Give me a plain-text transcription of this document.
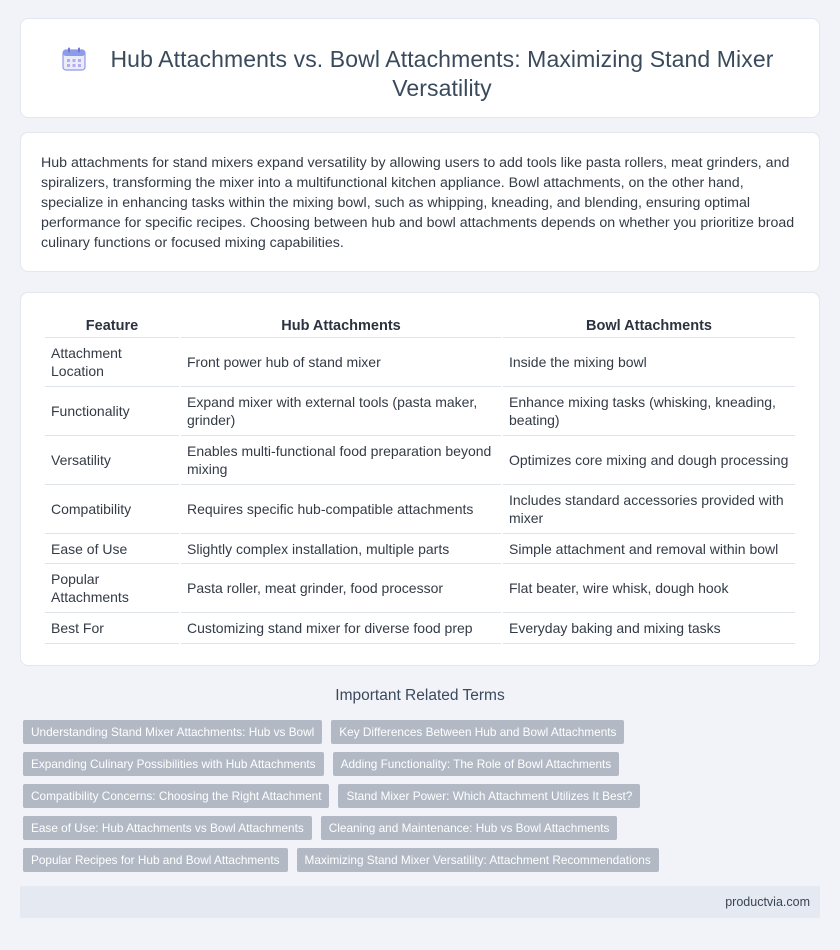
Hub Attachments vs. Bowl Attachments: Maximizing Stand Mixer Versatility

Hub attachments for stand mixers expand versatility by allowing users to add tools like pasta rollers, meat grinders, and spiralizers, transforming the mixer into a multifunctional kitchen appliance. Bowl attachments, on the other hand, specialize in enhancing tasks within the mixing bowl, such as whipping, kneading, and blending, ensuring optimal performance for specific recipes. Choosing between hub and bowl attachments depends on whether you prioritize broad culinary functions or focused mixing capabilities.

Feature	Hub Attachments	Bowl Attachments
Attachment Location	Front power hub of stand mixer	Inside the mixing bowl
Functionality	Expand mixer with external tools (pasta maker, grinder)	Enhance mixing tasks (whisking, kneading, beating)
Versatility	Enables multi-functional food preparation beyond mixing	Optimizes core mixing and dough processing
Compatibility	Requires specific hub-compatible attachments	Includes standard accessories provided with mixer
Ease of Use	Slightly complex installation, multiple parts	Simple attachment and removal within bowl
Popular Attachments	Pasta roller, meat grinder, food processor	Flat beater, wire whisk, dough hook
Best For	Customizing stand mixer for diverse food prep	Everyday baking and mixing tasks
Important Related Terms
Understanding Stand Mixer Attachments: Hub vs Bowl	Key Differences Between Hub and Bowl Attachments
Expanding Culinary Possibilities with Hub Attachments	Adding Functionality: The Role of Bowl Attachments
Compatibility Concerns: Choosing the Right Attachment	Stand Mixer Power: Which Attachment Utilizes It Best?
Ease of Use: Hub Attachments vs Bowl Attachments	Cleaning and Maintenance: Hub vs Bowl Attachments
Popular Recipes for Hub and Bowl Attachments	Maximizing Stand Mixer Versatility: Attachment Recommendations
productvia.com
